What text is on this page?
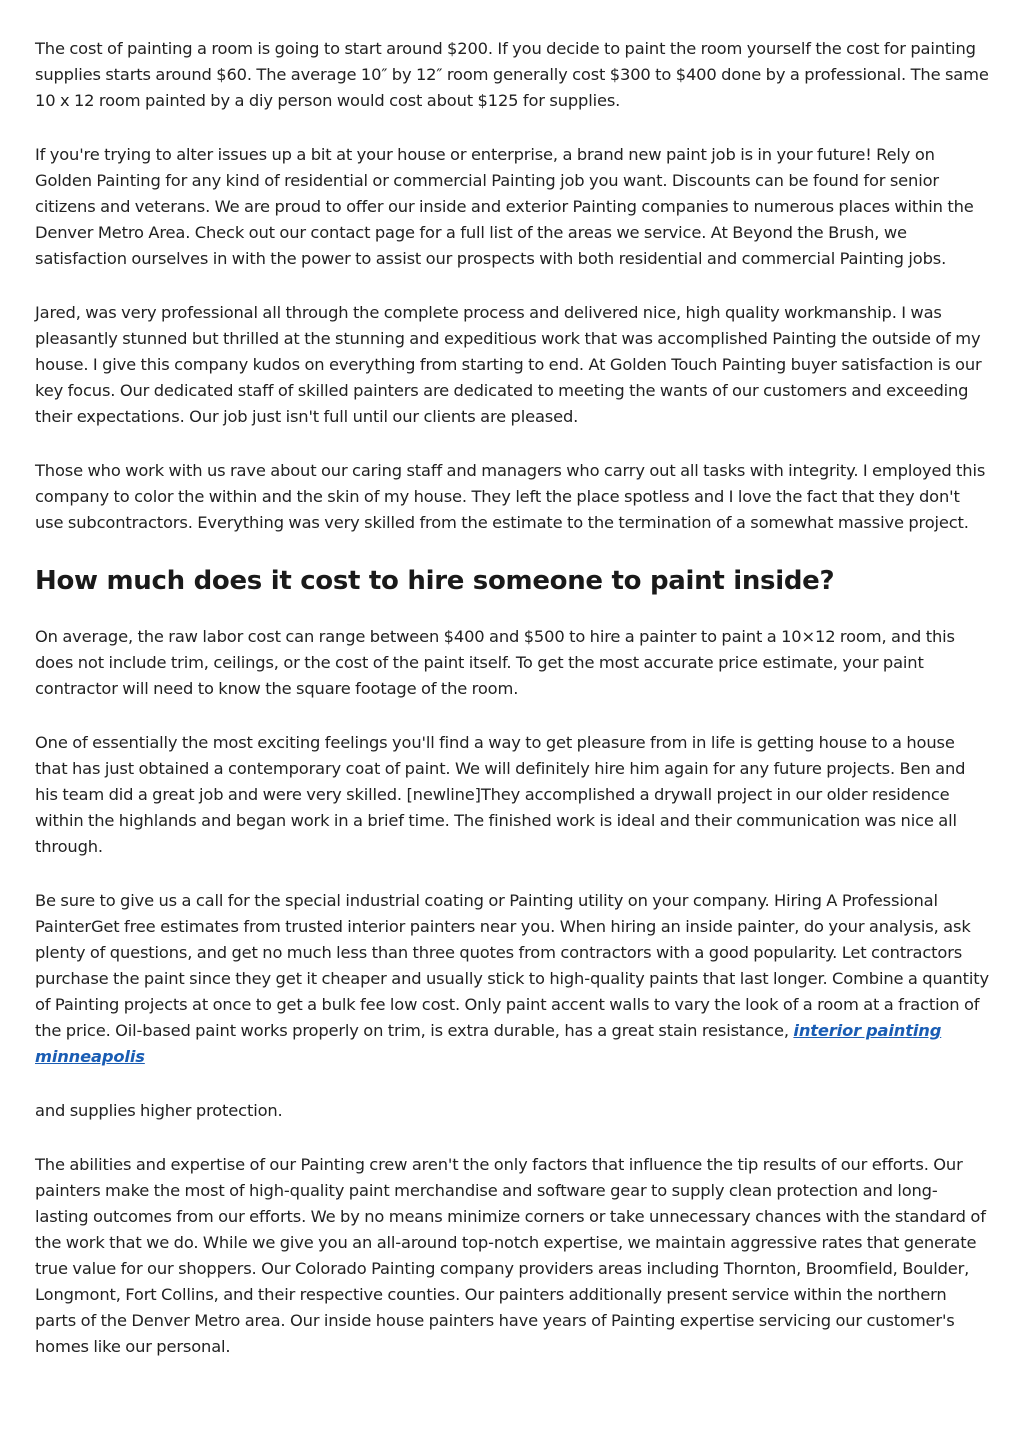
The cost of painting a room is going to start around $200. If you decide to paint the room yourself the cost for painting supplies starts around $60. The average 10″ by 12″ room generally cost $300 to $400 done by a professional. The same 10 x 12 room painted by a diy person would cost about $125 for supplies.

If you're trying to alter issues up a bit at your house or enterprise, a brand new paint job is in your future! Rely on Golden Painting for any kind of residential or commercial Painting job you want. Discounts can be found for senior citizens and veterans. We are proud to offer our inside and exterior Painting companies to numerous places within the Denver Metro Area. Check out our contact page for a full list of the areas we service. At Beyond the Brush, we satisfaction ourselves in with the power to assist our prospects with both residential and commercial Painting jobs.

Jared, was very professional all through the complete process and delivered nice, high quality workmanship. I was pleasantly stunned but thrilled at the stunning and expeditious work that was accomplished Painting the outside of my house. I give this company kudos on everything from starting to end. At Golden Touch Painting buyer satisfaction is our key focus. Our dedicated staff of skilled painters are dedicated to meeting the wants of our customers and exceeding their expectations. Our job just isn't full until our clients are pleased.

Those who work with us rave about our caring staff and managers who carry out all tasks with integrity. I employed this company to color the within and the skin of my house. They left the place spotless and I love the fact that they don't use subcontractors. Everything was very skilled from the estimate to the termination of a somewhat massive project.

How much does it cost to hire someone to paint inside?

On average, the raw labor cost can range between $400 and $500 to hire a painter to paint a 10×12 room, and this does not include trim, ceilings, or the cost of the paint itself. To get the most accurate price estimate, your paint contractor will need to know the square footage of the room.

One of essentially the most exciting feelings you'll find a way to get pleasure from in life is getting house to a house that has just obtained a contemporary coat of paint. We will definitely hire him again for any future projects. Ben and his team did a great job and were very skilled. [newline]They accomplished a drywall project in our older residence within the highlands and began work in a brief time. The finished work is ideal and their communication was nice all through.

Be sure to give us a call for the special industrial coating or Painting utility on your company. Hiring A Professional PainterGet free estimates from trusted interior painters near you. When hiring an inside painter, do your analysis, ask plenty of questions, and get no much less than three quotes from contractors with a good popularity. Let contractors purchase the paint since they get it cheaper and usually stick to high-quality paints that last longer. Combine a quantity of Painting projects at once to get a bulk fee low cost. Only paint accent walls to vary the look of a room at a fraction of the price. Oil-based paint works properly on trim, is extra durable, has a great stain resistance, interior painting minneapolis

and supplies higher protection.

The abilities and expertise of our Painting crew aren't the only factors that influence the tip results of our efforts. Our painters make the most of high-quality paint merchandise and software gear to supply clean protection and long-lasting outcomes from our efforts. We by no means minimize corners or take unnecessary chances with the standard of the work that we do. While we give you an all-around top-notch expertise, we maintain aggressive rates that generate true value for our shoppers. Our Colorado Painting company providers areas including Thornton, Broomfield, Boulder, Longmont, Fort Collins, and their respective counties. Our painters additionally present service within the northern parts of the Denver Metro area. Our inside house painters have years of Painting expertise servicing our customer's homes like our personal.
